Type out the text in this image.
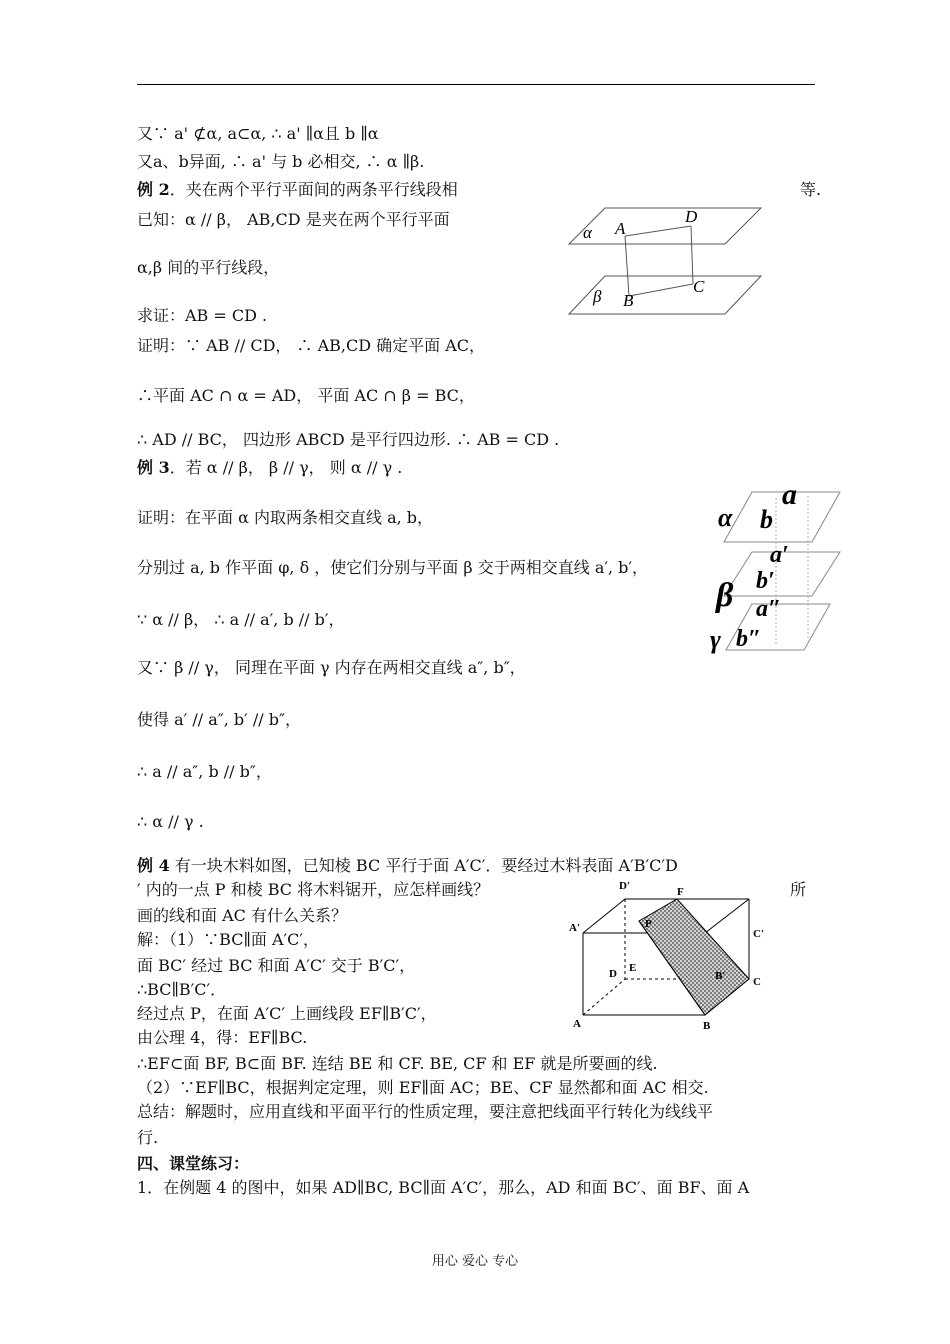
又∵ a' ⊄α, a⊂α, ∴ a' ∥α且 b ∥α
又a、b异面, ∴ a' 与 b 必相交, ∴ α ∥β.
例 2．夹在两个平行平面间的两条平行线段相	等.
已知：α // β， AB,CD 是夹在两个平行平面
α,β 间的平行线段，
求证：AB = CD .
证明：∵ AB // CD， ∴ AB,CD 确定平面 AC，
∴平面 AC ∩ α = AD， 平面 AC ∩ β = BC，
∴ AD // BC， 四边形 ABCD 是平行四边形. ∴ AB = CD .
例 3．若 α // β， β // γ， 则 α // γ .
证明：在平面 α 内取两条相交直线 a, b，
分别过 a, b 作平面 φ, δ ，使它们分别与平面 β 交于两相交直线 a′, b′，
∵ α // β， ∴ a // a′, b // b′，
又∵ β // γ， 同理在平面 γ 内存在两相交直线 a″, b″，
使得 a′ // a″, b′ // b″，
∴ a // a″, b // b″，
∴ α // γ .
例 4 有一块木料如图，已知棱 BC 平行于面 A′C′．要经过木料表面 A′B′C′D
′ 内的一点 P 和棱 BC 将木料锯开，应怎样画线？	所
画的线和面 AC 有什么关系？
解：（1）∵BC∥面 A′C′，
面 BC′ 经过 BC 和面 A′C′ 交于 B′C′，
∴BC∥B′C′．
经过点 P，在面 A′C′ 上画线段 EF∥B′C′，
由公理 4，得：EF∥BC.
∴EF⊂面 BF, B⊂面 BF. 连结 BE 和 CF. BE, CF 和 EF 就是所要画的线.
（2）∵EF∥BC，根据判定定理，则 EF∥面 AC；BE、CF 显然都和面 AC 相交.
总结：解题时，应用直线和平面平行的性质定理，要注意把线面平行转化为线线平
行.
四、课堂练习：
1．在例题 4 的图中，如果 AD∥BC, BC∥面 A′C′，那么，AD 和面 BC′、面 BF、面 A
α A
D
β B
C
a
α b
a′
β b′
a″
γ b″
A′
D′	F
C′
P
D E
B′	C
A	B
用心 爱心 专心
